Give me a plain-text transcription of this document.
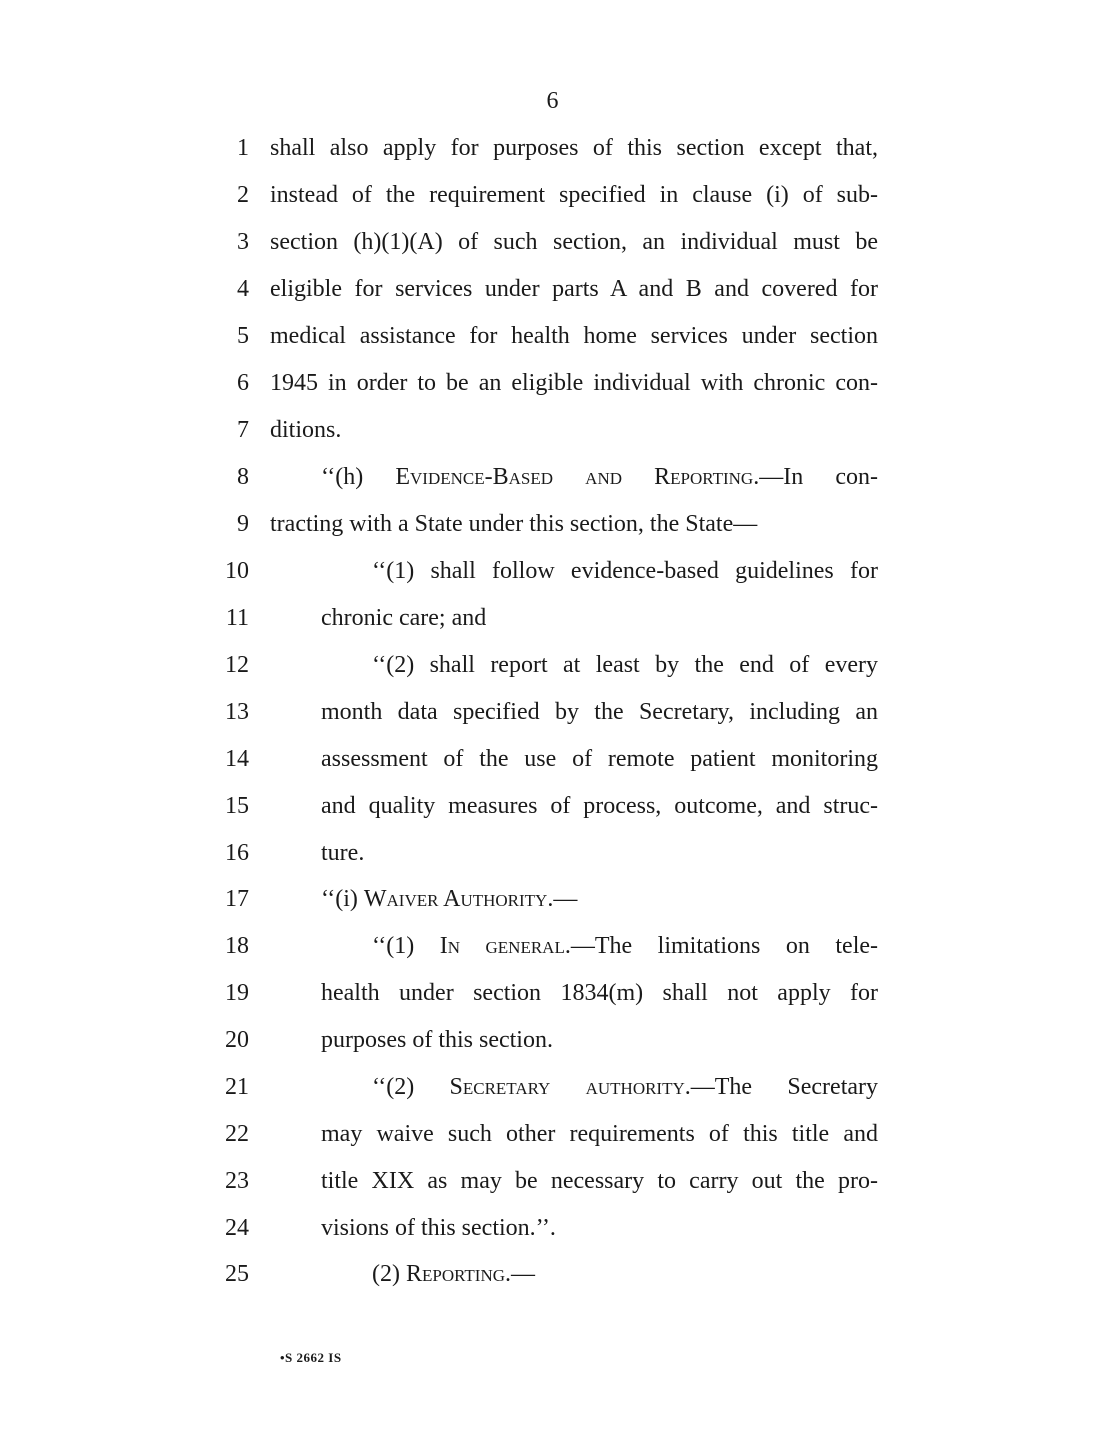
6
1 shall also apply for purposes of this section except that,
2 instead of the requirement specified in clause (i) of sub-
3 section (h)(1)(A) of such section, an individual must be
4 eligible for services under parts A and B and covered for
5 medical assistance for health home services under section
6 1945 in order to be an eligible individual with chronic con-
7 ditions.
8	‘‘(h) Evidence-Based and Reporting.—In con-
9 tracting with a State under this section, the State—
10	‘‘(1) shall follow evidence-based guidelines for
11	chronic care; and
12	‘‘(2) shall report at least by the end of every
13	month data specified by the Secretary, including an
14	assessment of the use of remote patient monitoring
15	and quality measures of process, outcome, and struc-
16	ture.
17	‘‘(i) Waiver Authority.—
18	‘‘(1) In general.—The limitations on tele-
19	health under section 1834(m) shall not apply for
20	purposes of this section.
21	‘‘(2) Secretary authority.—The Secretary
22	may waive such other requirements of this title and
23	title XIX as may be necessary to carry out the pro-
24	visions of this section.’’.
25	(2) Reporting.—
•S 2662 IS
